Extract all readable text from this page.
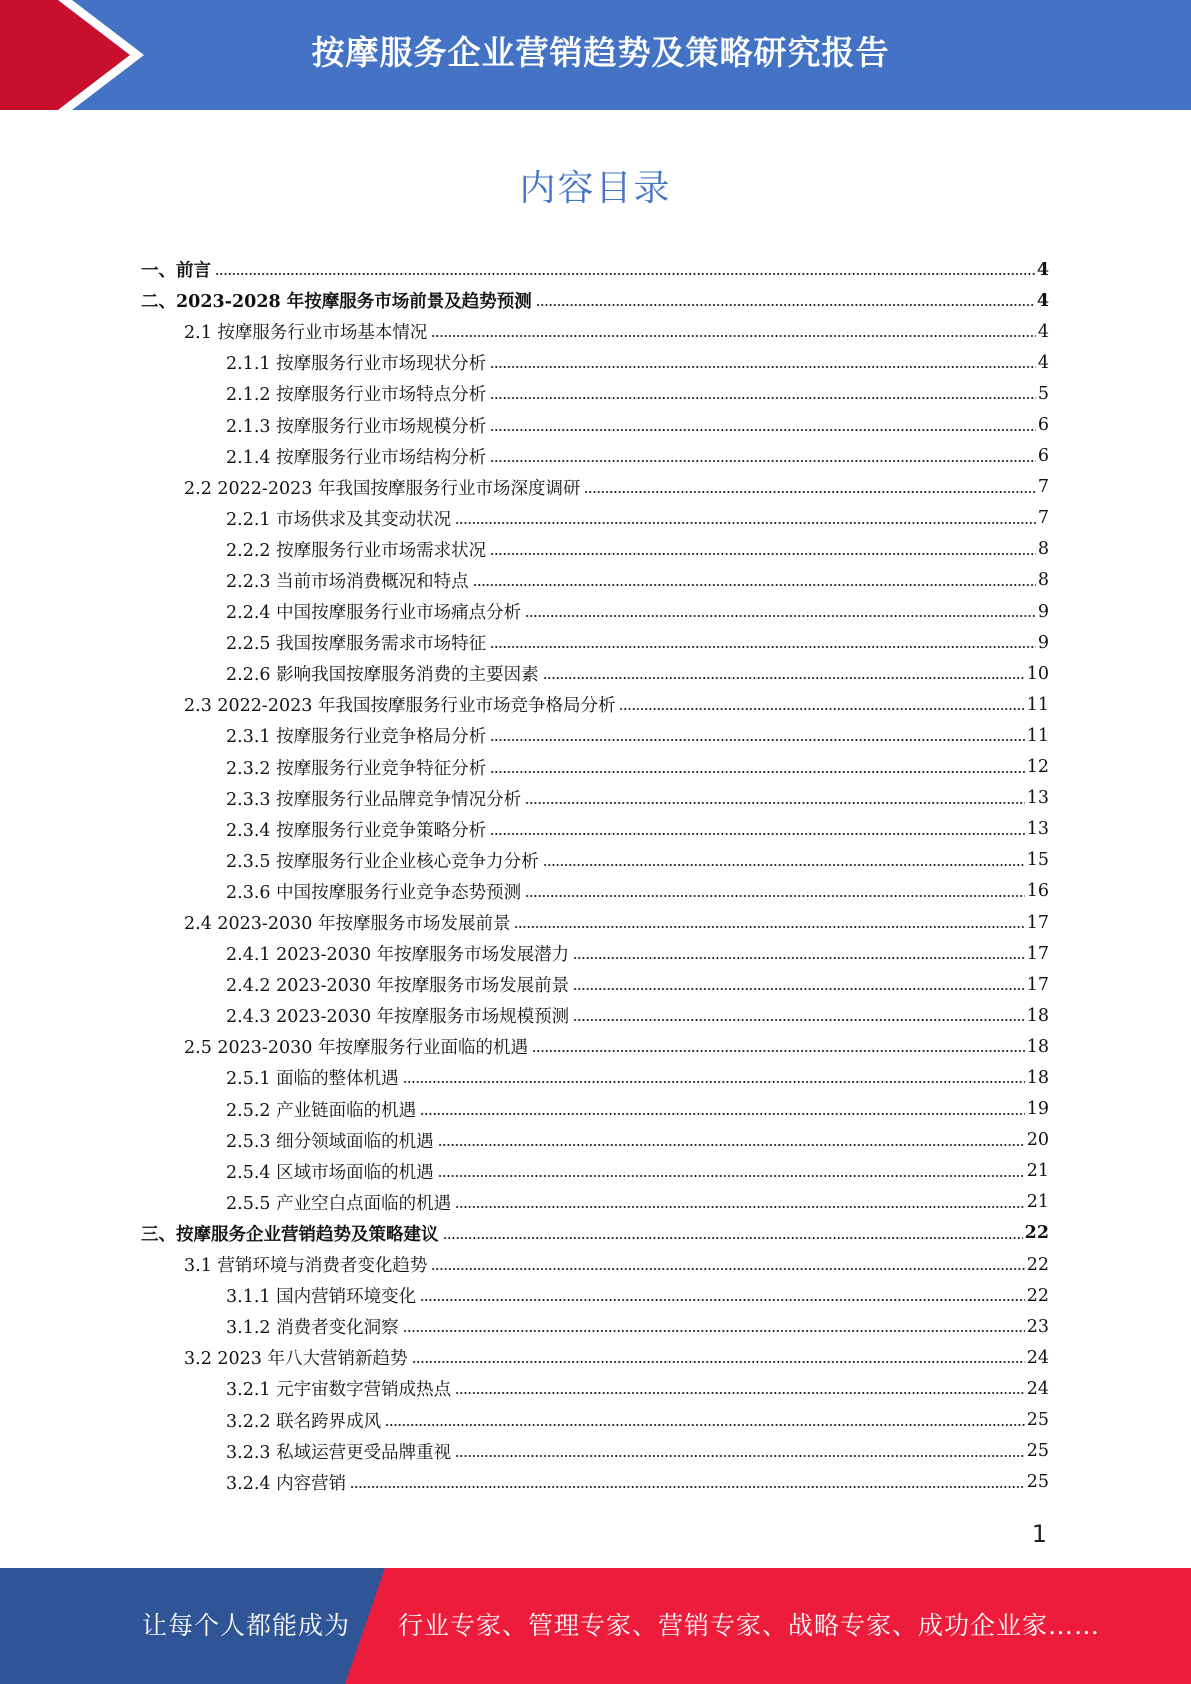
按摩服务企业营销趋势及策略研究报告
内容目录
一、前言	4
二、2023-2028 年按摩服务市场前景及趋势预测	4
2.1 按摩服务行业市场基本情况	4
2.1.1 按摩服务行业市场现状分析	4
2.1.2 按摩服务行业市场特点分析	5
2.1.3 按摩服务行业市场规模分析	6
2.1.4 按摩服务行业市场结构分析	6
2.2 2022-2023 年我国按摩服务行业市场深度调研	7
2.2.1 市场供求及其变动状况	7
2.2.2 按摩服务行业市场需求状况	8
2.2.3 当前市场消费概况和特点	8
2.2.4 中国按摩服务行业市场痛点分析	9
2.2.5 我国按摩服务需求市场特征	9
2.2.6 影响我国按摩服务消费的主要因素	10
2.3 2022-2023 年我国按摩服务行业市场竞争格局分析	11
2.3.1 按摩服务行业竞争格局分析	11
2.3.2 按摩服务行业竞争特征分析	12
2.3.3 按摩服务行业品牌竞争情况分析	13
2.3.4 按摩服务行业竞争策略分析	13
2.3.5 按摩服务行业企业核心竞争力分析	15
2.3.6 中国按摩服务行业竞争态势预测	16
2.4 2023-2030 年按摩服务市场发展前景	17
2.4.1 2023-2030 年按摩服务市场发展潜力	17
2.4.2 2023-2030 年按摩服务市场发展前景	17
2.4.3 2023-2030 年按摩服务市场规模预测	18
2.5 2023-2030 年按摩服务行业面临的机遇	18
2.5.1 面临的整体机遇	18
2.5.2 产业链面临的机遇	19
2.5.3 细分领域面临的机遇	20
2.5.4 区域市场面临的机遇	21
2.5.5 产业空白点面临的机遇	21
三、按摩服务企业营销趋势及策略建议	22
3.1 营销环境与消费者变化趋势	22
3.1.1 国内营销环境变化	22
3.1.2 消费者变化洞察	23
3.2 2023 年八大营销新趋势	24
3.2.1 元宇宙数字营销成热点	24
3.2.2 联名跨界成风	25
3.2.3 私域运营更受品牌重视	25
3.2.4 内容营销	25
1
让每个人都能成为 行业专家、管理专家、营销专家、战略专家、成功企业家……
